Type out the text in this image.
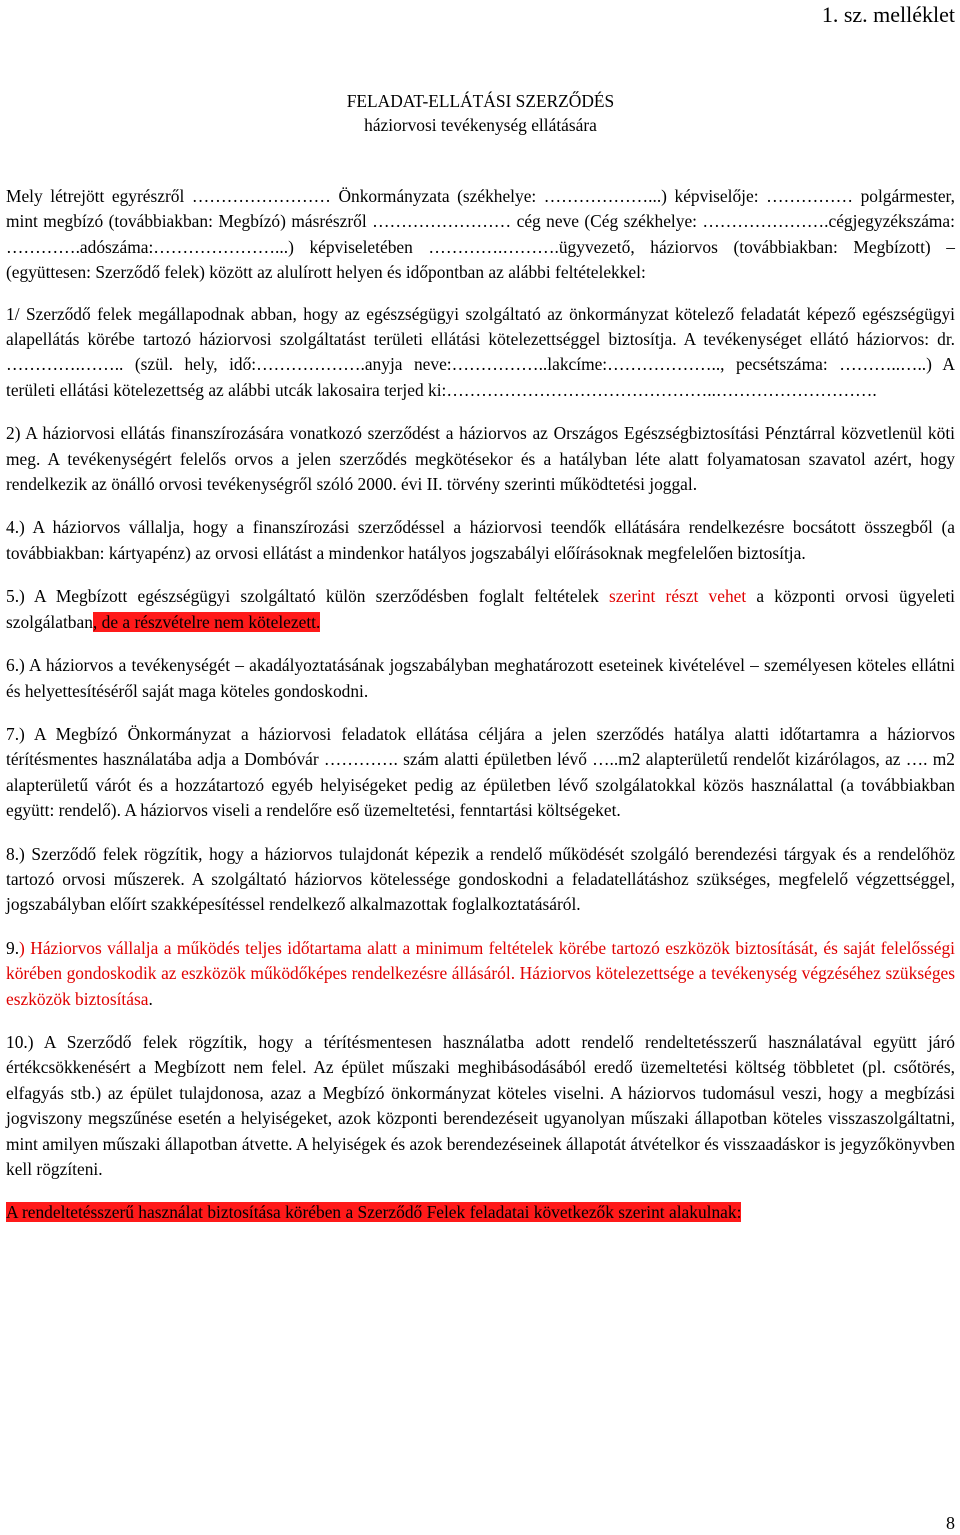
1. sz. melléklet
FELADAT-ELLÁTÁSI SZERZŐDÉS
háziorvosi tevékenység ellátására

Mely létrejött egyrészről …………………… Önkormányzata (székhelye: ………………...) képviselője: …………… polgármester, mint megbízó (továbbiakban: Megbízó) másrészről …………………… cég neve (Cég székhelye: ………………….cégjegyzékszáma: ………….adószáma:…………………...) képviseletében ………….……….ügyvezető, háziorvos (továbbiakban: Megbízott) – (együttesen: Szerződő felek) között az alulírott helyen és időpontban az alábbi feltételekkel:

1/ Szerződő felek megállapodnak abban, hogy az egészségügyi szolgáltató az önkormányzat kötelező feladatát képező egészségügyi alapellátás körébe tartozó háziorvosi szolgáltatást területi ellátási kötelezettséggel biztosítja. A tevékenységet ellátó háziorvos: dr. ………….…….. (szül. hely, idő:……………….anyja neve:……………..lakcíme:……………….., pecsétszáma: ………..…..) A területi ellátási kötelezettség az alábbi utcák lakosaira terjed ki:………………………………………..……………………….

2) A háziorvosi ellátás finanszírozására vonatkozó szerződést a háziorvos az Országos Egészségbiztosítási Pénztárral közvetlenül köti meg. A tevékenységért felelős orvos a jelen szerződés megkötésekor és a hatályban léte alatt folyamatosan szavatol azért, hogy rendelkezik az önálló orvosi tevékenységről szóló 2000. évi II. törvény szerinti működtetési joggal.

4.) A háziorvos vállalja, hogy a finanszírozási szerződéssel a háziorvosi teendők ellátására rendelkezésre bocsátott összegből (a továbbiakban: kártyapénz) az orvosi ellátást a mindenkor hatályos jogszabályi előírásoknak megfelelően biztosítja.

5.) A Megbízott egészségügyi szolgáltató külön szerződésben foglalt feltételek szerint részt vehet a központi orvosi ügyeleti szolgálatban, de a részvételre nem kötelezett.

6.) A háziorvos a tevékenységét – akadályoztatásának jogszabályban meghatározott eseteinek kivételével – személyesen köteles ellátni és helyettesítéséről saját maga köteles gondoskodni.

7.) A Megbízó Önkormányzat a háziorvosi feladatok ellátása céljára a jelen szerződés hatálya alatti időtartamra a háziorvos térítésmentes használatába adja a Dombóvár …………. szám alatti épületben lévő …..m2 alapterületű rendelőt kizárólagos, az …. m2 alapterületű várót és a hozzátartozó egyéb helyiségeket pedig az épületben lévő szolgálatokkal közös használattal (a továbbiakban együtt: rendelő). A háziorvos viseli a rendelőre eső üzemeltetési, fenntartási költségeket.

8.) Szerződő felek rögzítik, hogy a háziorvos tulajdonát képezik a rendelő működését szolgáló berendezési tárgyak és a rendelőhöz tartozó orvosi műszerek. A szolgáltató háziorvos kötelessége gondoskodni a feladatellátáshoz szükséges, megfelelő végzettséggel, jogszabályban előírt szakképesítéssel rendelkező alkalmazottak foglalkoztatásáról.

9.) Háziorvos vállalja a működés teljes időtartama alatt a minimum feltételek körébe tartozó eszközök biztosítását, és saját felelősségi körében gondoskodik az eszközök működőképes rendelkezésre állásáról. Háziorvos kötelezettsége a tevékenység végzéséhez szükséges eszközök biztosítása.

10.) A Szerződő felek rögzítik, hogy a térítésmentesen használatba adott rendelő rendeltetésszerű használatával együtt járó értékcsökkenésért a Megbízott nem felel. Az épület műszaki meghibásodásából eredő üzemeltetési költség többletet (pl. csőtörés, elfagyás stb.) az épület tulajdonosa, azaz a Megbízó önkormányzat köteles viselni. A háziorvos tudomásul veszi, hogy a megbízási jogviszony megszűnése esetén a helyiségeket, azok központi berendezéseit ugyanolyan műszaki állapotban köteles visszaszolgáltatni, mint amilyen műszaki állapotban átvette. A helyiségek és azok berendezéseinek állapotát átvételkor és visszaadáskor is jegyzőkönyvben kell rögzíteni.

A rendeltetésszerű használat biztosítása körében a Szerződő Felek feladatai következők szerint alakulnak:

8
